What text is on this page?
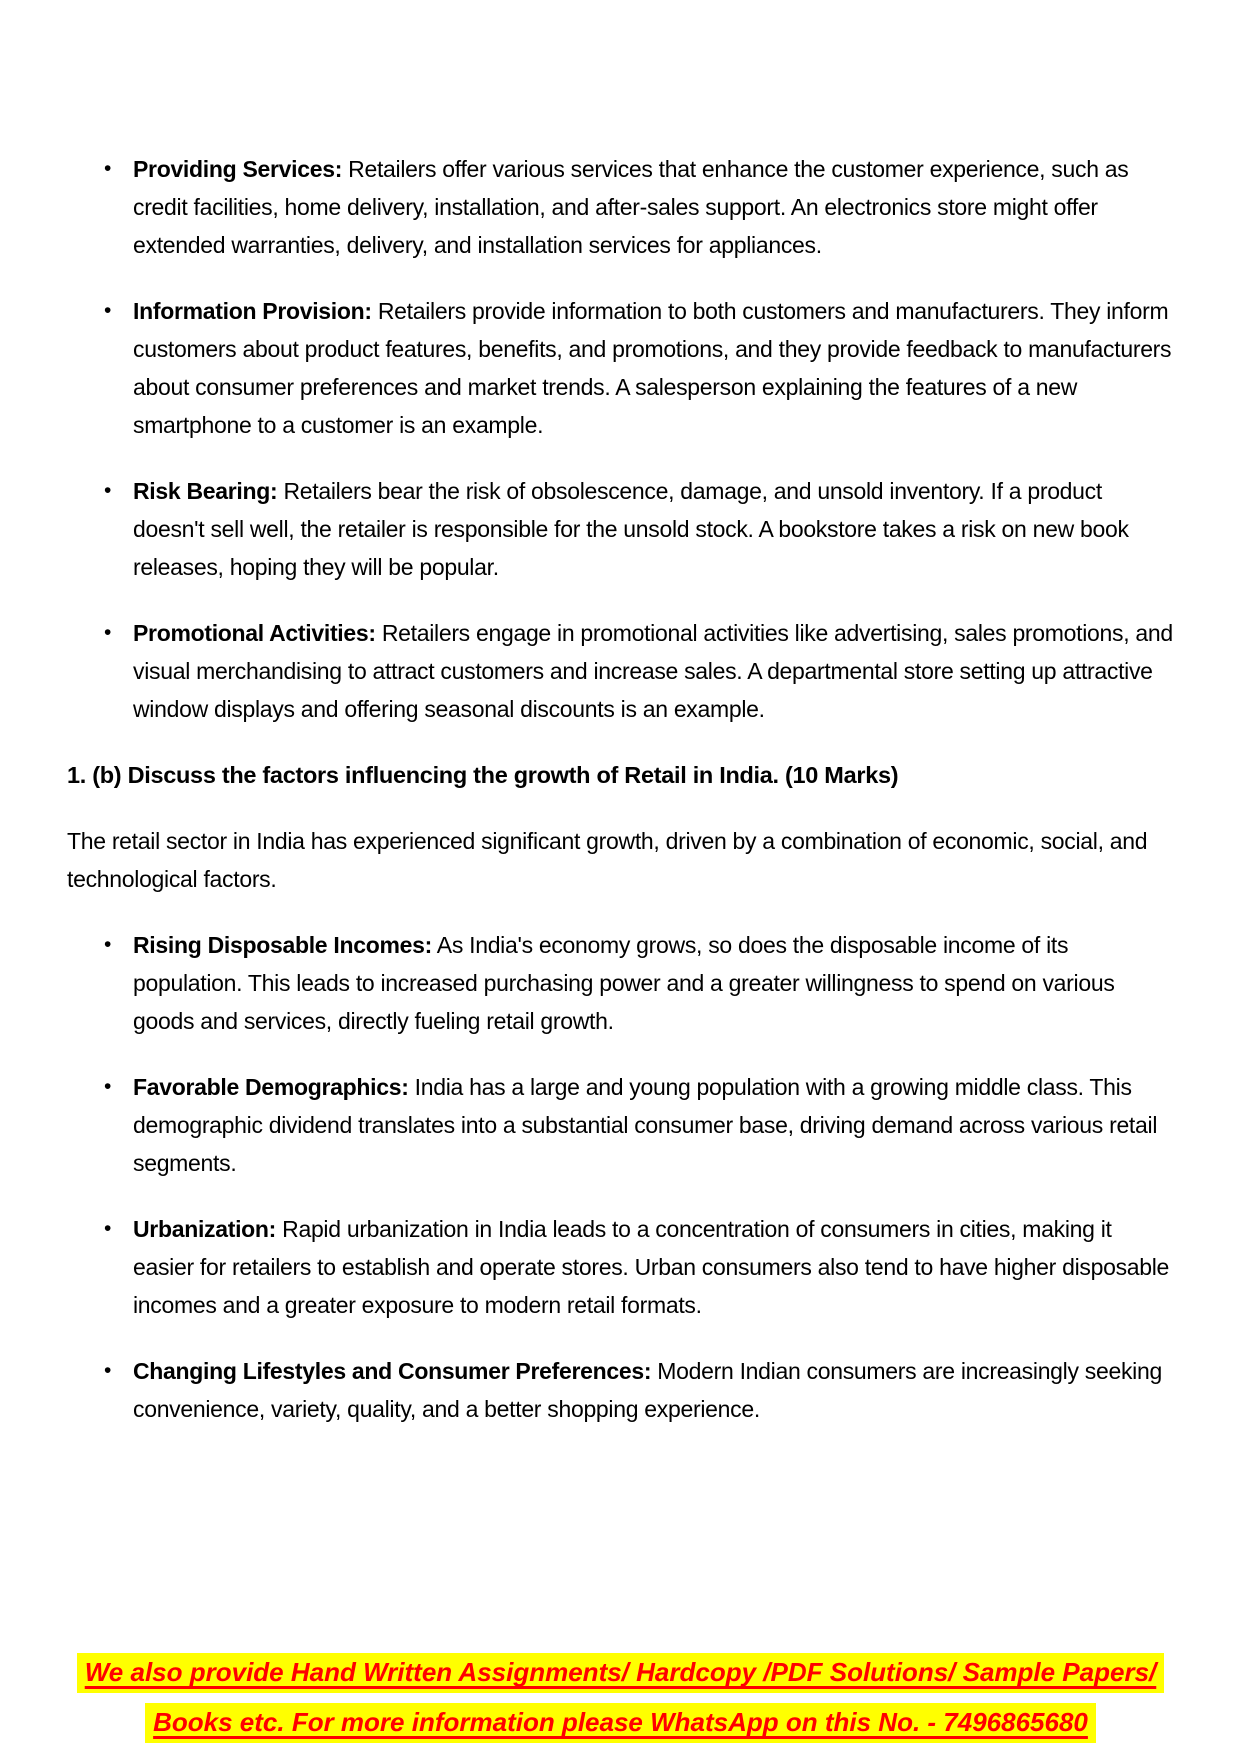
• Providing Services: Retailers offer various services that enhance the customer experience, such as credit facilities, home delivery, installation, and after-sales support. An electronics store might offer extended warranties, delivery, and installation services for appliances.
• Information Provision: Retailers provide information to both customers and manufacturers. They inform customers about product features, benefits, and promotions, and they provide feedback to manufacturers about consumer preferences and market trends. A salesperson explaining the features of a new smartphone to a customer is an example.
• Risk Bearing: Retailers bear the risk of obsolescence, damage, and unsold inventory. If a product doesn't sell well, the retailer is responsible for the unsold stock. A bookstore takes a risk on new book releases, hoping they will be popular.
• Promotional Activities: Retailers engage in promotional activities like advertising, sales promotions, and visual merchandising to attract customers and increase sales. A departmental store setting up attractive window displays and offering seasonal discounts is an example.
1. (b) Discuss the factors influencing the growth of Retail in India. (10 Marks)

The retail sector in India has experienced significant growth, driven by a combination of economic, social, and technological factors.

• Rising Disposable Incomes: As India's economy grows, so does the disposable income of its population. This leads to increased purchasing power and a greater willingness to spend on various goods and services, directly fueling retail growth.
• Favorable Demographics: India has a large and young population with a growing middle class. This demographic dividend translates into a substantial consumer base, driving demand across various retail segments.
• Urbanization: Rapid urbanization in India leads to a concentration of consumers in cities, making it easier for retailers to establish and operate stores. Urban consumers also tend to have higher disposable incomes and a greater exposure to modern retail formats.
• Changing Lifestyles and Consumer Preferences: Modern Indian consumers are increasingly seeking convenience, variety, quality, and a better shopping experience.
We also provide Hand Written Assignments/ Hardcopy /PDF Solutions/ Sample Papers/
Books etc. For more information please WhatsApp on this No. - 7496865680
